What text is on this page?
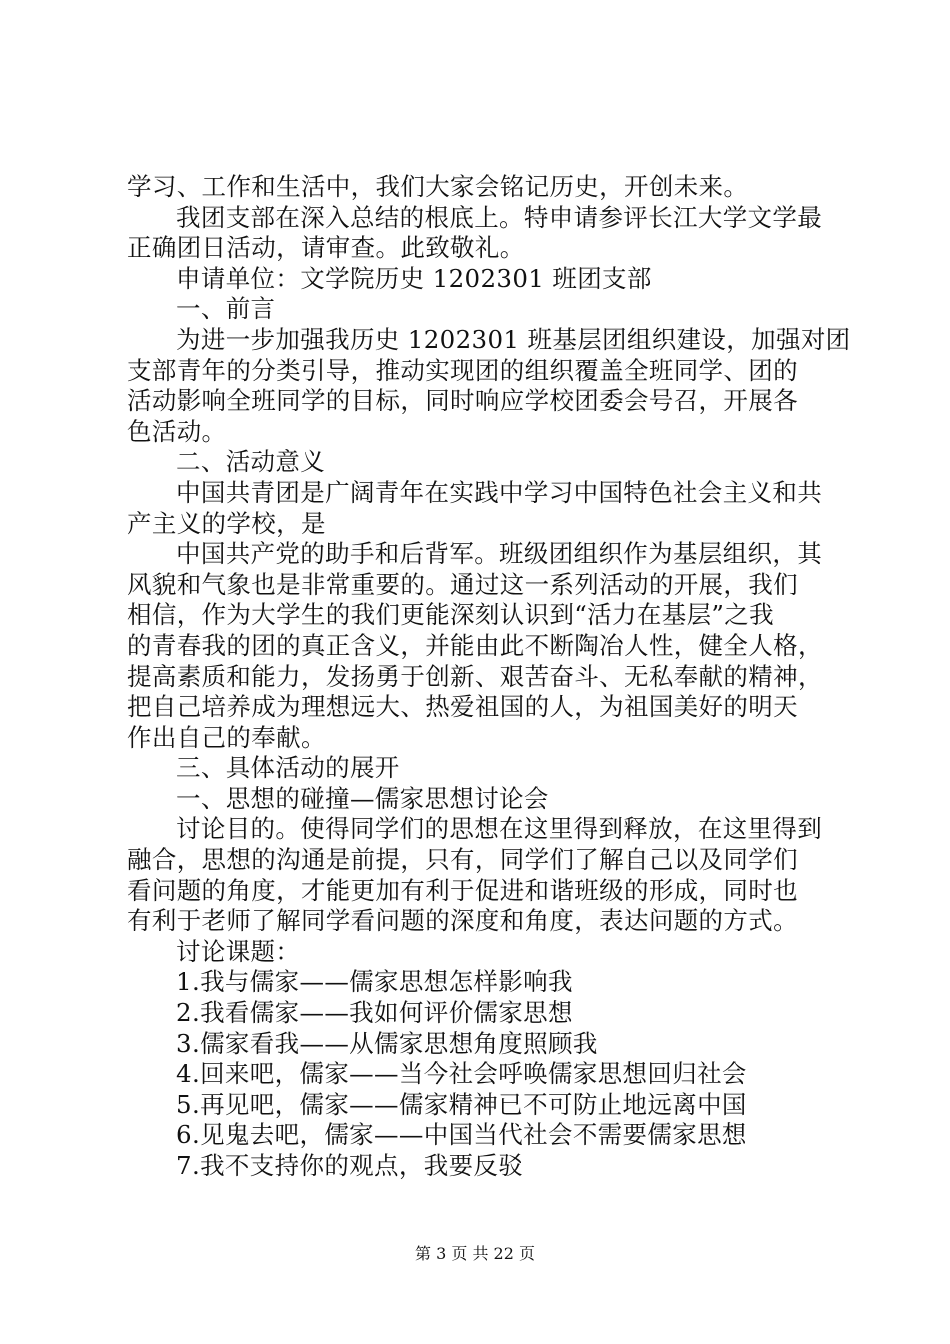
学习、工作和生活中，我们大家会铭记历史，开创未来。
我团支部在深入总结的根底上。特申请参评长江大学文学最
正确团日活动，请审查。此致敬礼。
申请单位：文学院历史 1202301 班团支部
一、前言
为进一步加强我历史 1202301 班基层团组织建设，加强对团
支部青年的分类引导，推动实现团的组织覆盖全班同学、团的
活动影响全班同学的目标，同时响应学校团委会号召，开展各
色活动。
二、活动意义
中国共青团是广阔青年在实践中学习中国特色社会主义和共
产主义的学校，是
中国共产党的助手和后背军。班级团组织作为基层组织，其
风貌和气象也是非常重要的。通过这一系列活动的开展，我们
相信，作为大学生的我们更能深刻认识到“活力在基层”之我
的青春我的团的真正含义，并能由此不断陶冶人性，健全人格，
提高素质和能力，发扬勇于创新、艰苦奋斗、无私奉献的精神，
把自己培养成为理想远大、热爱祖国的人，为祖国美好的明天
作出自己的奉献。
三、具体活动的展开
一、思想的碰撞—儒家思想讨论会
讨论目的。使得同学们的思想在这里得到释放，在这里得到
融合，思想的沟通是前提，只有，同学们了解自己以及同学们
看问题的角度，才能更加有利于促进和谐班级的形成，同时也
有利于老师了解同学看问题的深度和角度，表达问题的方式。
讨论课题：
1.我与儒家——儒家思想怎样影响我
2.我看儒家——我如何评价儒家思想
3.儒家看我——从儒家思想角度照顾我
4.回来吧，儒家——当今社会呼唤儒家思想回归社会
5.再见吧，儒家——儒家精神已不可防止地远离中国
6.见鬼去吧，儒家——中国当代社会不需要儒家思想
7.我不支持你的观点，我要反驳
第 3 页 共 22 页
